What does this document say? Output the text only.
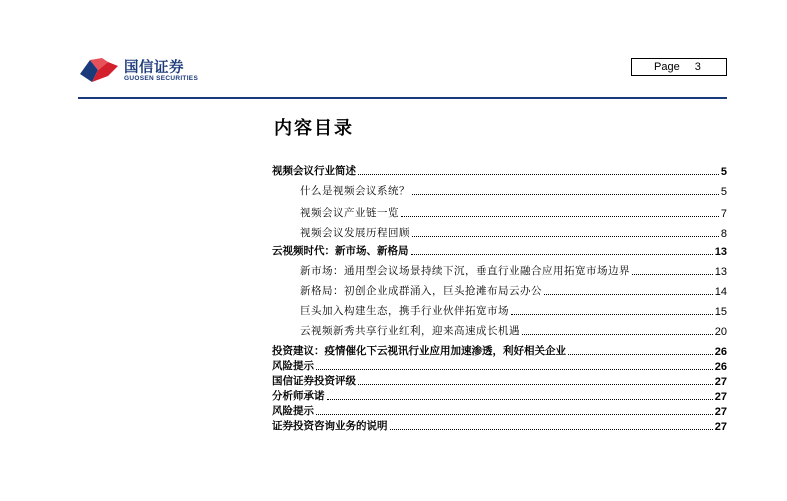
国信证券
GUOSEN SECURITIES
Page 3
内容目录
视频会议行业简述	5
什么是视频会议系统？	5
视频会议产业链一览	7
视频会议发展历程回顾	8
云视频时代：新市场、新格局	13
新市场：通用型会议场景持续下沉，垂直行业融合应用拓宽市场边界	13
新格局：初创企业成群涌入，巨头抢滩布局云办公	14
巨头加入构建生态，携手行业伙伴拓宽市场	15
云视频新秀共享行业红利，迎来高速成长机遇	20
投资建议：疫情催化下云视讯行业应用加速渗透，利好相关企业	26
风险提示	26
国信证券投资评级	27
分析师承诺	27
风险提示	27
证券投资咨询业务的说明	27
